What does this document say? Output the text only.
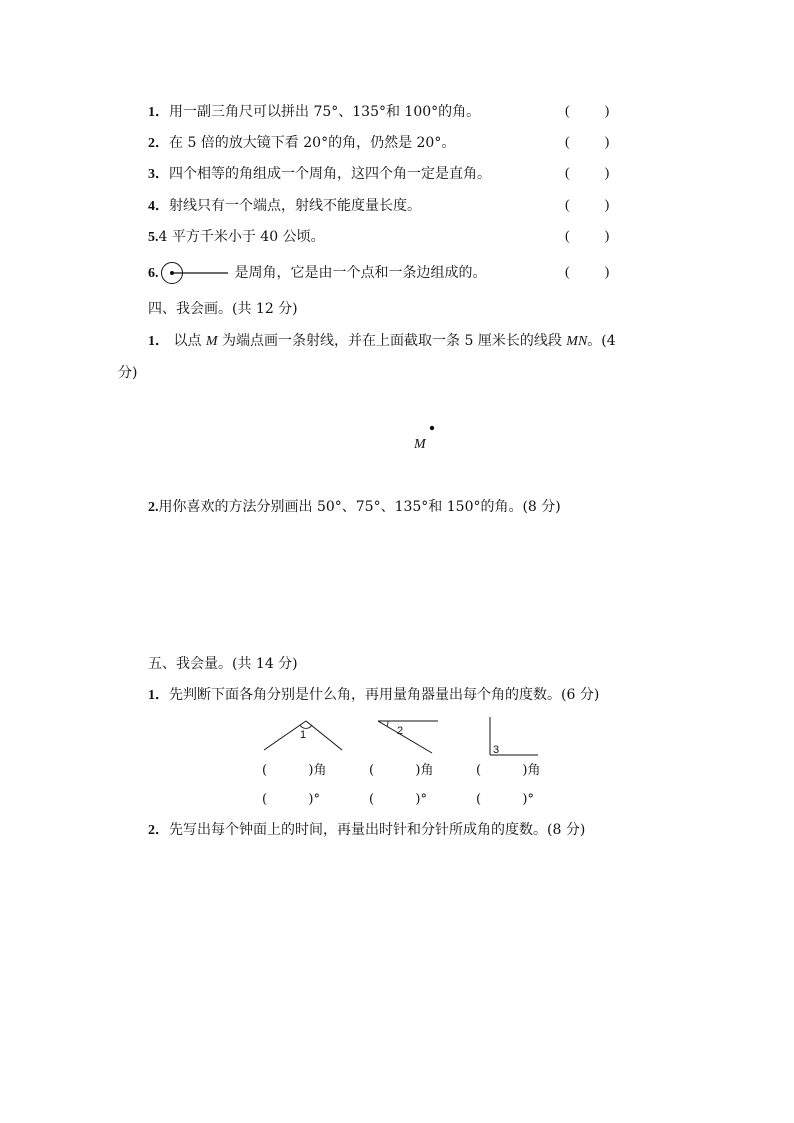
1．用一副三角尺可以拼出 75°、135°和 100°的角。	(          )
2．在 5 倍的放大镜下看 20°的角，仍然是 20°。	(          )
3．四个相等的角组成一个周角，这四个角一定是直角。	(          )
4．射线只有一个端点，射线不能度量长度。	(          )
5.4 平方千米小于 40 公顷。	(          )
6.	是周角，它是由一个点和一条边组成的。	(          )
四、我会画。(共 12 分)
1． 以点 M 为端点画一条射线，并在上面截取一条 5 厘米长的线段 MN。(4
分)
M
2.用你喜欢的方法分别画出 50°、75°、135°和 150°的角。(8 分)
五、我会量。(共 14 分)
1．先判断下面各角分别是什么角，再用量角器量出每个角的度数。(6 分)
1	2
3
(          )角	(          )角	(          )角
(          )°	(          )°	(          )°
2．先写出每个钟面上的时间，再量出时针和分针所成角的度数。(8 分)
